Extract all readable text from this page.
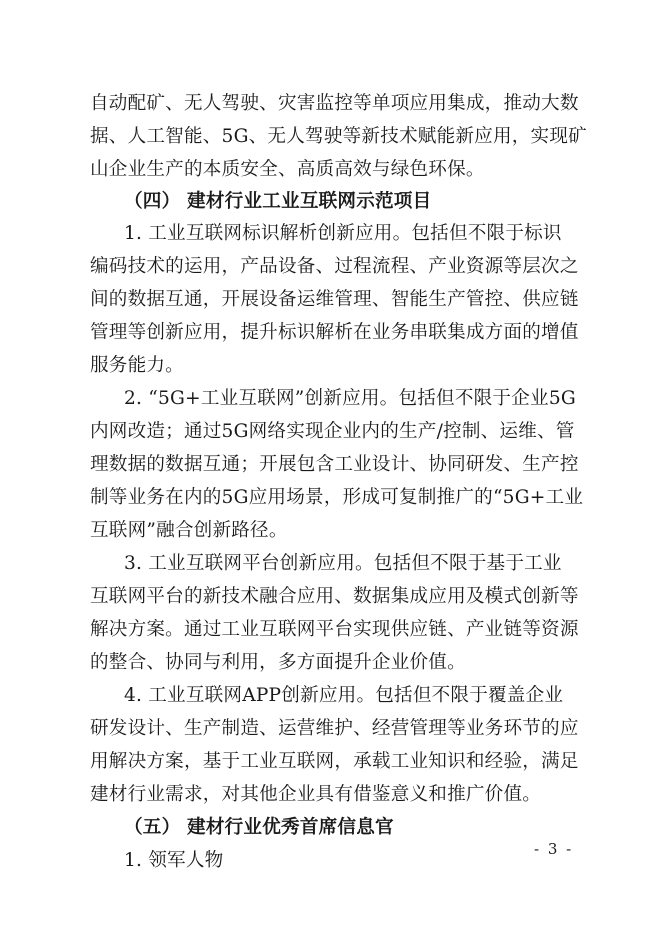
自动配矿、无人驾驶、灾害监控等单项应用集成，推动大数
据、人工智能、5G、无人驾驶等新技术赋能新应用，实现矿
山企业生产的本质安全、高质高效与绿色环保。
（四） 建材行业工业互联网示范项目
1. 工业互联网标识解析创新应用。包括但不限于标识
编码技术的运用，产品设备、过程流程、产业资源等层次之
间的数据互通，开展设备运维管理、智能生产管控、供应链
管理等创新应用，提升标识解析在业务串联集成方面的增值
服务能力。
2. “5G+工业互联网”创新应用。包括但不限于企业5G
内网改造；通过5G网络实现企业内的生产/控制、运维、管
理数据的数据互通；开展包含工业设计、协同研发、生产控
制等业务在内的5G应用场景，形成可复制推广的“5G+工业
互联网”融合创新路径。
3. 工业互联网平台创新应用。包括但不限于基于工业
互联网平台的新技术融合应用、数据集成应用及模式创新等
解决方案。通过工业互联网平台实现供应链、产业链等资源
的整合、协同与利用，多方面提升企业价值。
4. 工业互联网APP创新应用。包括但不限于覆盖企业
研发设计、生产制造、运营维护、经营管理等业务环节的应
用解决方案，基于工业互联网，承载工业知识和经验，满足
建材行业需求，对其他企业具有借鉴意义和推广价值。
（五） 建材行业优秀首席信息官
1. 领军人物
- 3 -
